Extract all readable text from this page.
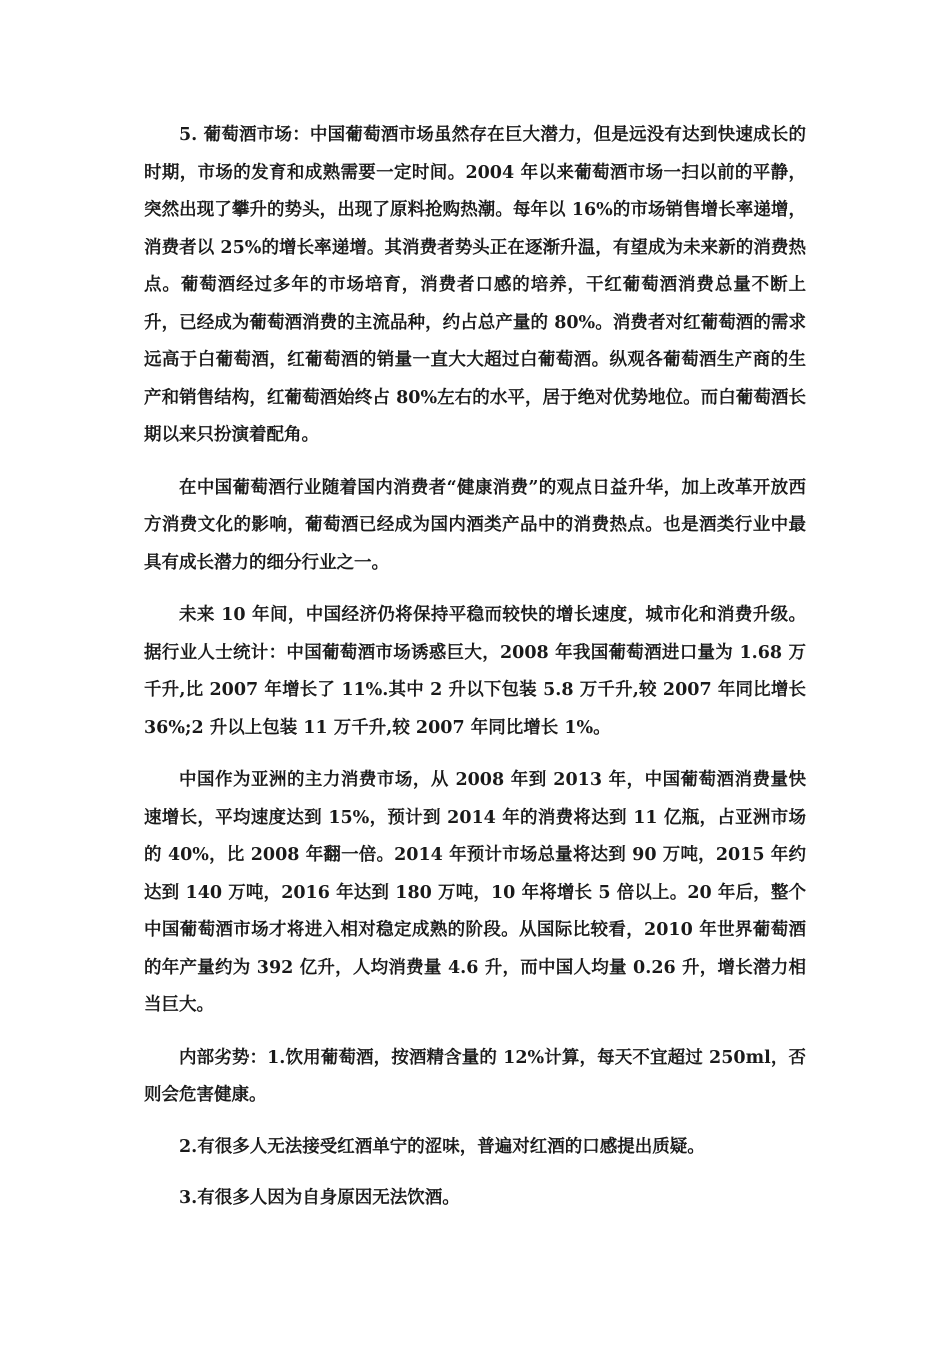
5. 葡萄酒市场：中国葡萄酒市场虽然存在巨大潜力，但是远没有达到快速成长的时期，市场的发育和成熟需要一定时间。2004 年以来葡萄酒市场一扫以前的平静，突然出现了攀升的势头，出现了原料抢购热潮。每年以 16%的市场销售增长率递增，消费者以 25%的增长率递增。其消费者势头正在逐渐升温，有望成为未来新的消费热点。葡萄酒经过多年的市场培育，消费者口感的培养，干红葡萄酒消费总量不断上升，已经成为葡萄酒消费的主流品种，约占总产量的 80%。消费者对红葡萄酒的需求远高于白葡萄酒，红葡萄酒的销量一直大大超过白葡萄酒。纵观各葡萄酒生产商的生产和销售结构，红葡萄酒始终占 80%左右的水平，居于绝对优势地位。而白葡萄酒长期以来只扮演着配角。

在中国葡萄酒行业随着国内消费者“健康消费”的观点日益升华，加上改革开放西方消费文化的影响，葡萄酒已经成为国内酒类产品中的消费热点。也是酒类行业中最具有成长潜力的细分行业之一。

未来 10 年间，中国经济仍将保持平稳而较快的增长速度，城市化和消费升级。据行业人士统计：中国葡萄酒市场诱惑巨大，2008 年我国葡萄酒进口量为 1.68 万千升,比 2007 年增长了 11%.其中 2 升以下包装 5.8 万千升,较 2007 年同比增长 36%;2 升以上包装 11 万千升,较 2007 年同比增长 1%。

中国作为亚洲的主力消费市场，从 2008 年到 2013 年，中国葡萄酒消费量快速增长，平均速度达到 15%，预计到 2014 年的消费将达到 11 亿瓶，占亚洲市场的 40%，比 2008 年翻一倍。2014 年预计市场总量将达到 90 万吨，2015 年约达到 140 万吨，2016 年达到 180 万吨，10 年将增长 5 倍以上。20 年后，整个中国葡萄酒市场才将进入相对稳定成熟的阶段。从国际比较看，2010 年世界葡萄酒的年产量约为 392 亿升，人均消费量 4.6 升，而中国人均量 0.26 升，增长潜力相当巨大。

内部劣势：1.饮用葡萄酒，按酒精含量的 12%计算，每天不宜超过 250ml，否则会危害健康。

2.有很多人无法接受红酒单宁的涩味，普遍对红酒的口感提出质疑。

3.有很多人因为自身原因无法饮酒。
